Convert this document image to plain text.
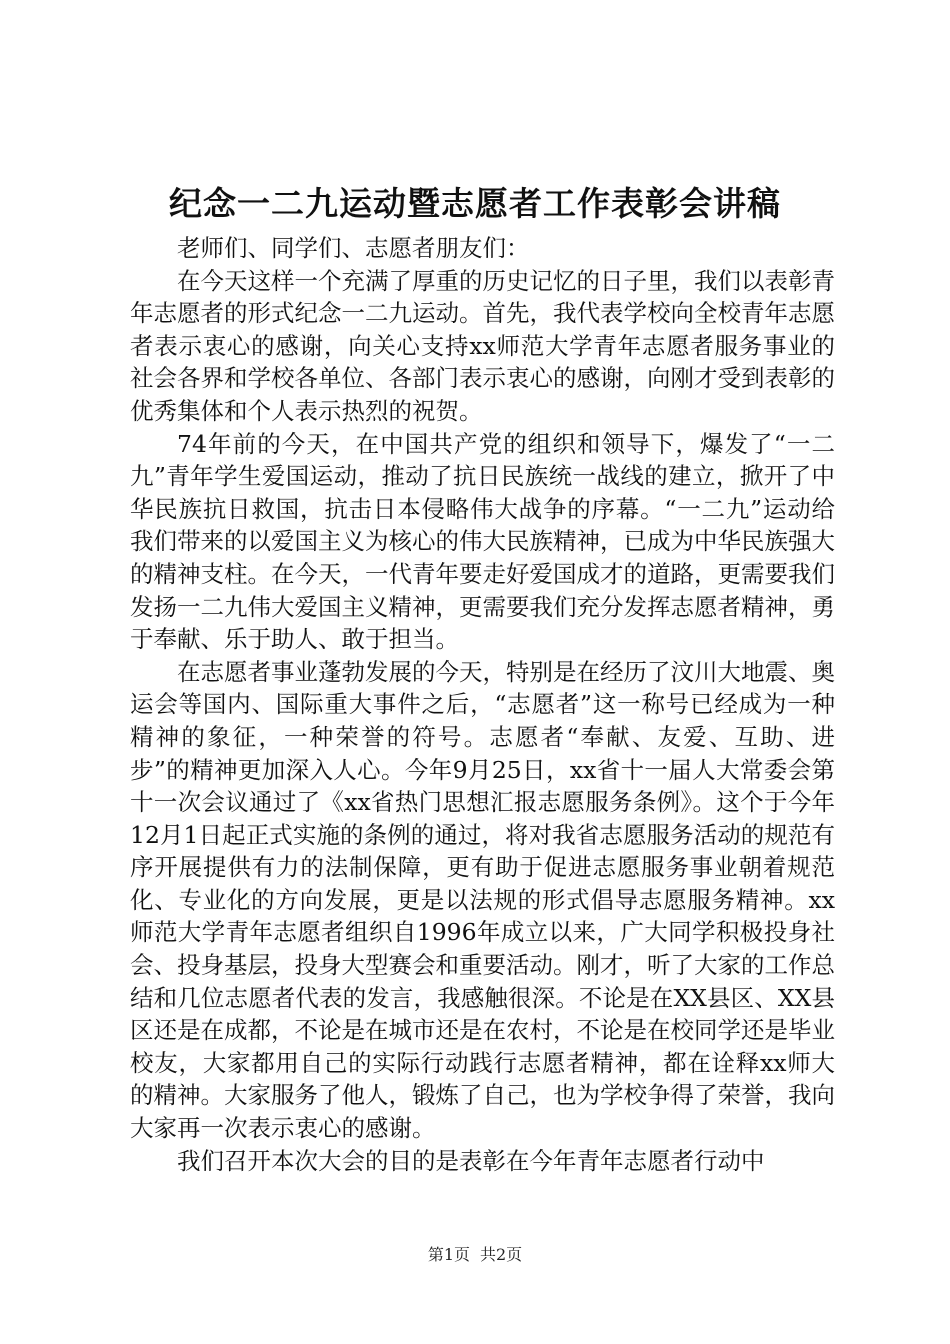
纪念一二九运动暨志愿者工作表彰会讲稿

老师们、同学们、志愿者朋友们：

在今天这样一个充满了厚重的历史记忆的日子里，我们以表彰青年志愿者的形式纪念一二九运动。首先，我代表学校向全校青年志愿者表示衷心的感谢，向关心支持xx师范大学青年志愿者服务事业的社会各界和学校各单位、各部门表示衷心的感谢，向刚才受到表彰的优秀集体和个人表示热烈的祝贺。

74年前的今天，在中国共产党的组织和领导下，爆发了“一二九”青年学生爱国运动，推动了抗日民族统一战线的建立，掀开了中华民族抗日救国，抗击日本侵略伟大战争的序幕。“一二九”运动给我们带来的以爱国主义为核心的伟大民族精神，已成为中华民族强大的精神支柱。在今天，一代青年要走好爱国成才的道路，更需要我们发扬一二九伟大爱国主义精神，更需要我们充分发挥志愿者精神，勇于奉献、乐于助人、敢于担当。

在志愿者事业蓬勃发展的今天，特别是在经历了汶川大地震、奥运会等国内、国际重大事件之后，“志愿者”这一称号已经成为一种精神的象征，一种荣誉的符号。志愿者“奉献、友爱、互助、进步”的精神更加深入人心。今年9月25日，xx省十一届人大常委会第十一次会议通过了《xx省热门思想汇报志愿服务条例》。这个于今年12月1日起正式实施的条例的通过，将对我省志愿服务活动的规范有序开展提供有力的法制保障，更有助于促进志愿服务事业朝着规范化、专业化的方向发展，更是以法规的形式倡导志愿服务精神。xx师范大学青年志愿者组织自1996年成立以来，广大同学积极投身社会、投身基层，投身大型赛会和重要活动。刚才，听了大家的工作总结和几位志愿者代表的发言，我感触很深。不论是在XX县区、XX县区还是在成都，不论是在城市还是在农村，不论是在校同学还是毕业校友，大家都用自己的实际行动践行志愿者精神，都在诠释xx师大的精神。大家服务了他人，锻炼了自己，也为学校争得了荣誉，我向大家再一次表示衷心的感谢。

我们召开本次大会的目的是表彰在今年青年志愿者行动中

第1页 共2页
